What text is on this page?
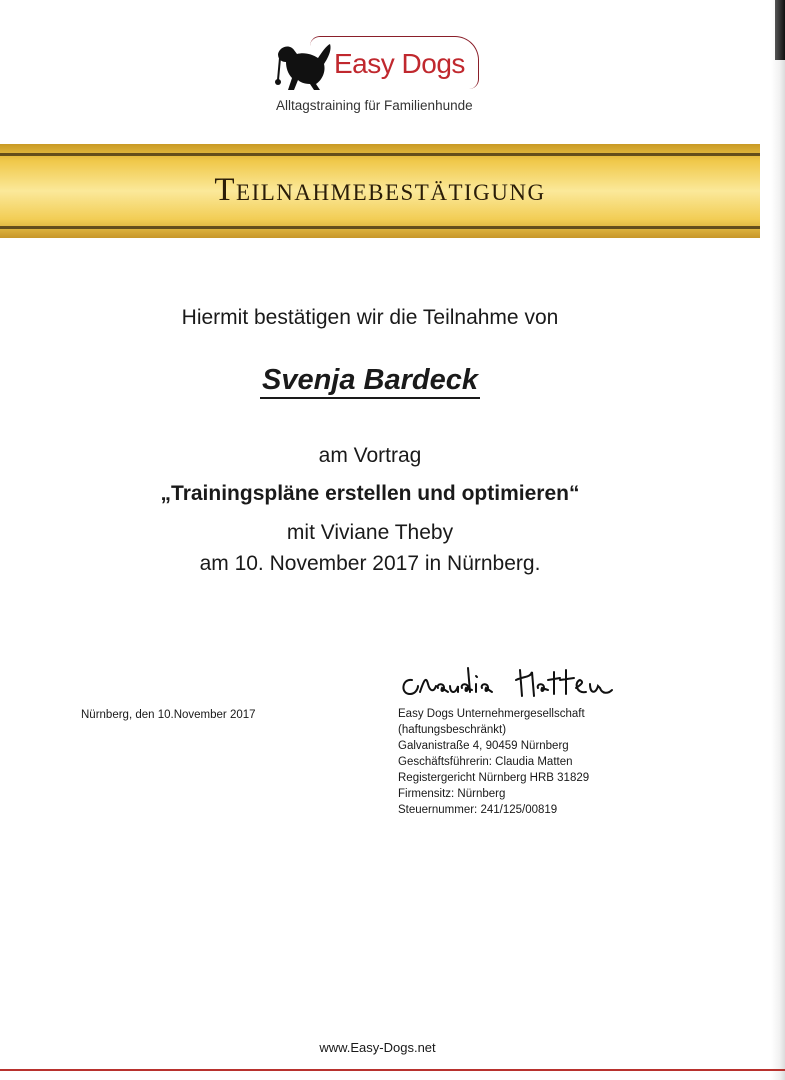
Easy Dogs
Alltagstraining für Familienhunde
Teilnahmebestätigung
Hiermit bestätigen wir die Teilnahme von
Svenja Bardeck
am Vortrag
„Trainingspläne erstellen und optimieren“
mit Viviane Theby
am 10. November 2017 in Nürnberg.
Nürnberg, den 10.November 2017	Easy Dogs Unternehmergesellschaft
(haftungsbeschränkt)
Galvanistraße 4, 90459 Nürnberg
Geschäftsführerin: Claudia Matten
Registergericht Nürnberg HRB 31829
Firmensitz: Nürnberg
Steuernummer: 241/125/00819
www.Easy-Dogs.net
